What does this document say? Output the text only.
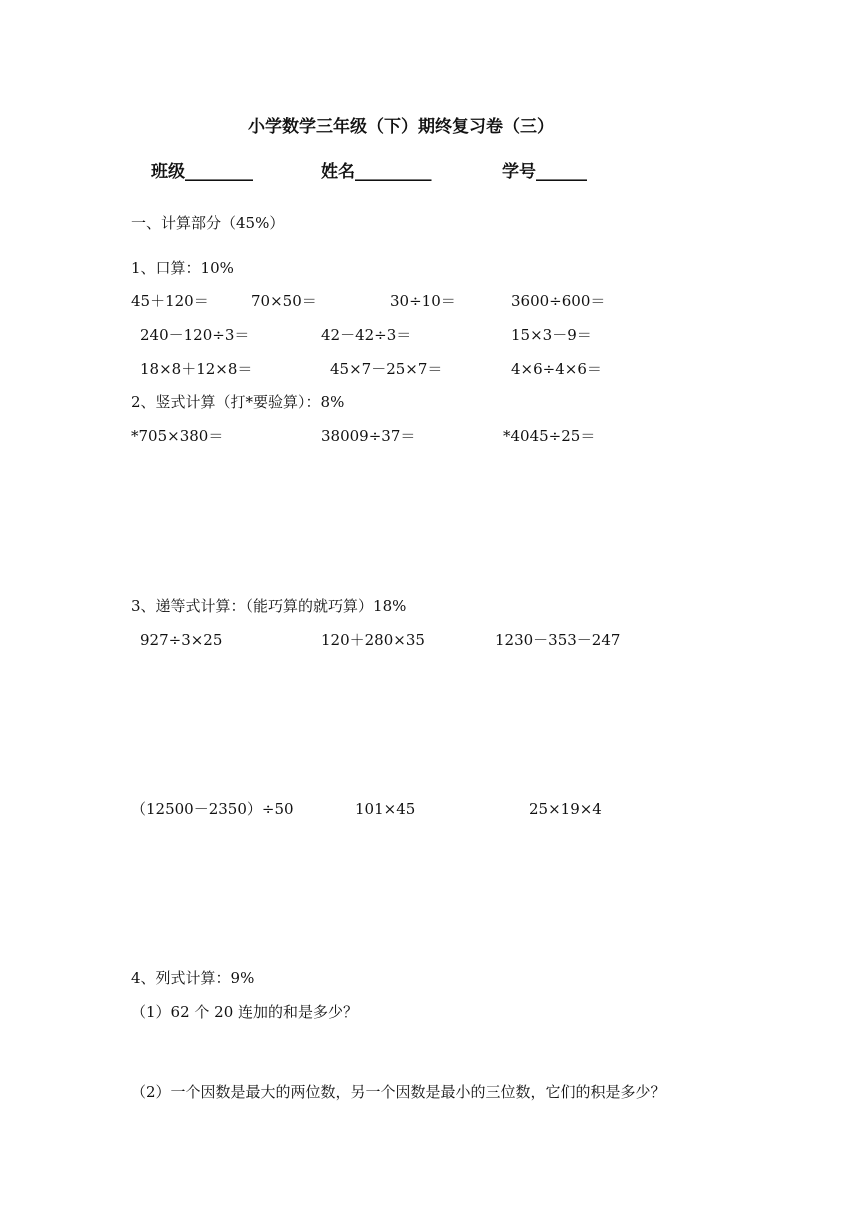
小学数学三年级（下）期终复习卷（三）
班级________	姓名_________	学号______
一、计算部分（45%）
1、口算：10%
45＋120＝	70×50＝	30÷10＝	3600÷600＝
240－120÷3＝	42－42÷3＝	15×3－9＝
18×8＋12×8＝	45×7－25×7＝	4×6÷4×6＝
2、竖式计算（打*要验算）：8%
*705×380＝	38009÷37＝	*4045÷25＝
3、递等式计算：（能巧算的就巧算）18%
927÷3×25	120＋280×35	1230－353－247
（12500－2350）÷50	101×45	25×19×4
4、列式计算：9%
（1）62 个 20 连加的和是多少？
（2）一个因数是最大的两位数，另一个因数是最小的三位数，它们的积是多少？
